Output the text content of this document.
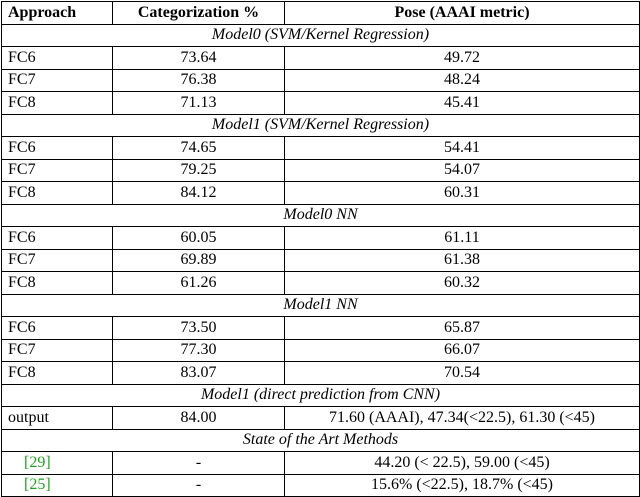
Approach	Categorization %	Pose (AAAI metric)
Model0 (SVM/Kernel Regression)		
FC6	73.64	49.72
FC7	76.38	48.24
FC8	71.13	45.41
Model1 (SVM/Kernel Regression)		
FC6	74.65	54.41
FC7	79.25	54.07
FC8	84.12	60.31
Model0 NN		
FC6	60.05	61.11
FC7	69.89	61.38
FC8	61.26	60.32
Model1 NN		
FC6	73.50	65.87
FC7	77.30	66.07
FC8	83.07	70.54
Model1 (direct prediction from CNN)		
output	84.00	71.60 (AAAI), 47.34(<22.5), 61.30 (<45)
State of the Art Methods		
[29]	-	44.20 (< 22.5), 59.00 (<45)
[25]	-	15.6% (<22.5), 18.7% (<45)
